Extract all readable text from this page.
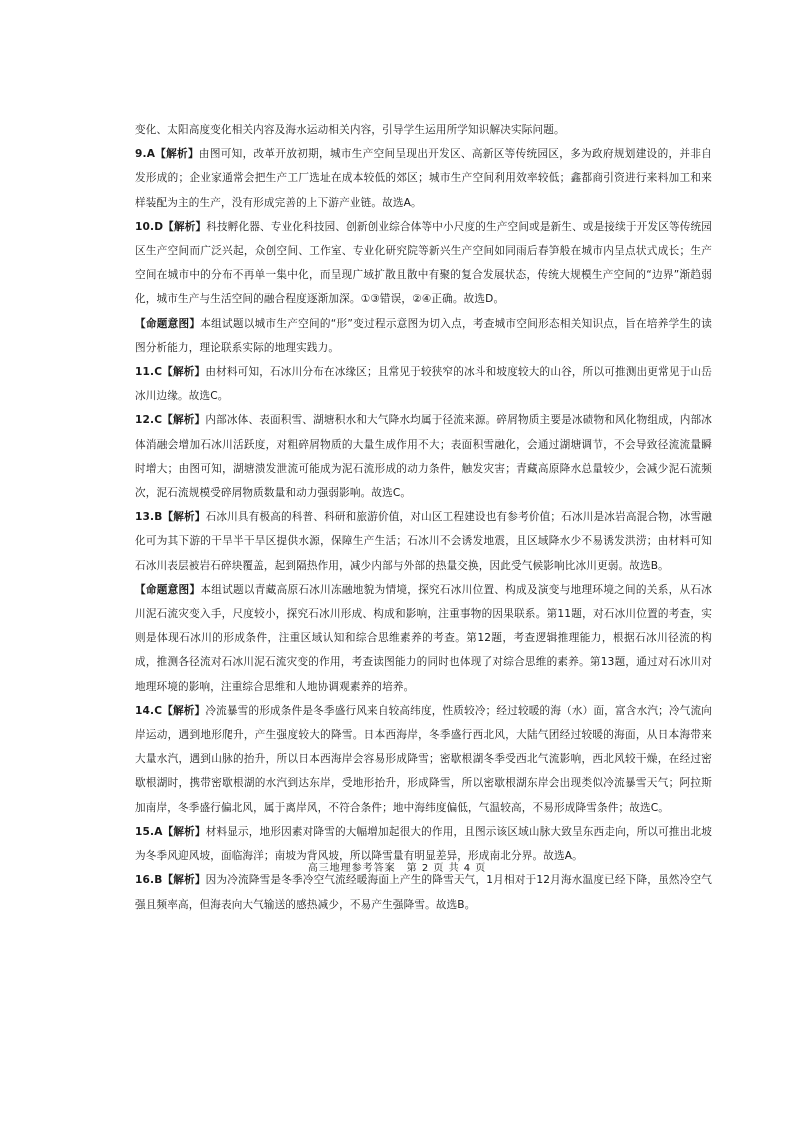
变化、太阳高度变化相关内容及海水运动相关内容，引导学生运用所学知识解决实际问题。

9.A【解析】由图可知，改革开放初期，城市生产空间呈现出开发区、高新区等传统园区，多为政府规划建设的，并非自发形成的；企业家通常会把生产工厂选址在成本较低的郊区；城市生产空间利用效率较低；鑫都商引资进行来料加工和来样装配为主的生产，没有形成完善的上下游产业链。故选A。

10.D【解析】科技孵化器、专业化科技园、创新创业综合体等中小尺度的生产空间或是新生、或是接续于开发区等传统园区生产空间而广泛兴起，众创空间、工作室、专业化研究院等新兴生产空间如同雨后春笋般在城市内呈点状式成长；生产空间在城市中的分布不再单一集中化，而呈现广域扩散且散中有聚的复合发展状态，传统大规模生产空间的“边界”渐趋弱化，城市生产与生活空间的融合程度逐渐加深。①③错误，②④正确。故选D。

【命题意图】本组试题以城市生产空间的“形”变过程示意图为切入点，考查城市空间形态相关知识点，旨在培养学生的读图分析能力，理论联系实际的地理实践力。

11.C【解析】由材料可知，石冰川分布在冰缘区；且常见于较狭窄的冰斗和坡度较大的山谷，所以可推测出更常见于山岳冰川边缘。故选C。

12.C【解析】内部冰体、表面积雪、湖塘积水和大气降水均属于径流来源。碎屑物质主要是冰碛物和风化物组成，内部冰体消融会增加石冰川活跃度，对粗碎屑物质的大量生成作用不大；表面积雪融化，会通过湖塘调节，不会导致径流流量瞬时增大；由图可知，湖塘溃发泄流可能成为泥石流形成的动力条件，触发灾害；青藏高原降水总量较少，会减少泥石流频次，泥石流规模受碎屑物质数量和动力强弱影响。故选C。

13.B【解析】石冰川具有极高的科普、科研和旅游价值，对山区工程建设也有参考价值；石冰川是冰岩高混合物，冰雪融化可为其下游的干旱半干旱区提供水源，保障生产生活；石冰川不会诱发地震，且区域降水少不易诱发洪涝；由材料可知石冰川表层被岩石碎块覆盖，起到隔热作用，减少内部与外部的热量交换，因此受气候影响比冰川更弱。故选B。

【命题意图】本组试题以青藏高原石冰川冻融地貌为情境，探究石冰川位置、构成及演变与地理环境之间的关系，从石冰川泥石流灾变入手，尺度较小，探究石冰川形成、构成和影响，注重事物的因果联系。第11题，对石冰川位置的考查，实则是体现石冰川的形成条件，注重区域认知和综合思维素养的考查。第12题，考查逻辑推理能力，根据石冰川径流的构成，推测各径流对石冰川泥石流灾变的作用，考查读图能力的同时也体现了对综合思维的素养。第13题，通过对石冰川对地理环境的影响，注重综合思维和人地协调观素养的培养。

14.C【解析】冷流暴雪的形成条件是冬季盛行风来自较高纬度，性质较冷；经过较暖的海（水）面，富含水汽；冷气流向岸运动，遇到地形爬升，产生强度较大的降雪。日本西海岸，冬季盛行西北风，大陆气团经过较暖的海面，从日本海带来大量水汽，遇到山脉的抬升，所以日本西海岸会容易形成降雪；密歇根湖冬季受西北气流影响，西北风较干燥，在经过密歇根湖时，携带密歇根湖的水汽到达东岸，受地形抬升，形成降雪，所以密歇根湖东岸会出现类似冷流暴雪天气；阿拉斯加南岸，冬季盛行偏北风，属于离岸风，不符合条件；地中海纬度偏低，气温较高，不易形成降雪条件；故选C。

15.A【解析】材料显示，地形因素对降雪的大幅增加起很大的作用，且图示该区域山脉大致呈东西走向，所以可推出北坡为冬季风迎风坡，面临海洋；南坡为背风坡，所以降雪量有明显差异，形成南北分界。故选A。

16.B【解析】因为冷流降雪是冬季冷空气流经暖海面上产生的降雪天气，1月相对于12月海水温度已经下降，虽然冷空气强且频率高，但海表向大气输送的感热减少，不易产生强降雪。故选B。

高三地理参考答案　第 2 页 共 4 页
